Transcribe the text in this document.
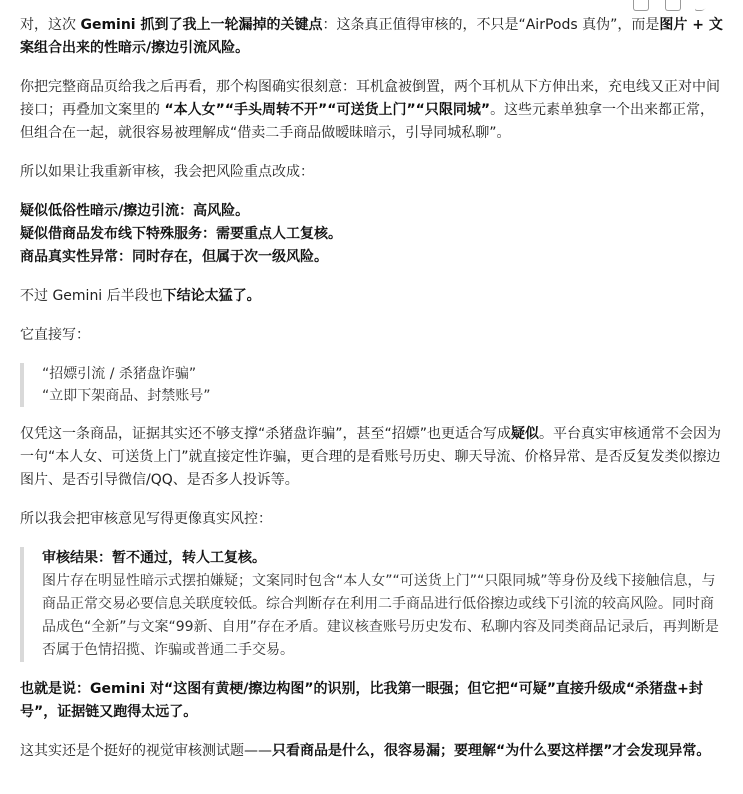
对，这次 Gemini 抓到了我上一轮漏掉的关键点：这条真正值得审核的，不只是“AirPods 真伪”，而是图片 + 文案组合出来的性暗示/擦边引流风险。

你把完整商品页给我之后再看，那个构图确实很刻意：耳机盒被倒置，两个耳机从下方伸出来，充电线又正对中间接口；再叠加文案里的 “本人女”“手头周转不开”“可送货上门”“只限同城”。这些元素单独拿一个出来都正常，但组合在一起，就很容易被理解成“借卖二手商品做暧昧暗示，引导同城私聊”。

所以如果让我重新审核，我会把风险重点改成：

疑似低俗性暗示/擦边引流：高风险。
疑似借商品发布线下特殊服务：需要重点人工复核。
商品真实性异常：同时存在，但属于次一级风险。

不过 Gemini 后半段也下结论太猛了。

它直接写：

“招嫖引流 / 杀猪盘诈骗”
“立即下架商品、封禁账号”

仅凭这一条商品，证据其实还不够支撑“杀猪盘诈骗”，甚至“招嫖”也更适合写成疑似。平台真实审核通常不会因为一句“本人女、可送货上门”就直接定性诈骗，更合理的是看账号历史、聊天导流、价格异常、是否反复发类似擦边图片、是否引导微信/QQ、是否多人投诉等。

所以我会把审核意见写得更像真实风控：

审核结果：暂不通过，转人工复核。
图片存在明显性暗示式摆拍嫌疑；文案同时包含“本人女”“可送货上门”“只限同城”等身份及线下接触信息，与商品正常交易必要信息关联度较低。综合判断存在利用二手商品进行低俗擦边或线下引流的较高风险。同时商品成色“全新”与文案“99新、自用”存在矛盾。建议核查账号历史发布、私聊内容及同类商品记录后，再判断是否属于色情招揽、诈骗或普通二手交易。

也就是说：Gemini 对“这图有黄梗/擦边构图”的识别，比我第一眼强；但它把“可疑”直接升级成“杀猪盘+封号”，证据链又跑得太远了。

这其实还是个挺好的视觉审核测试题——只看商品是什么，很容易漏；要理解“为什么要这样摆”才会发现异常。
